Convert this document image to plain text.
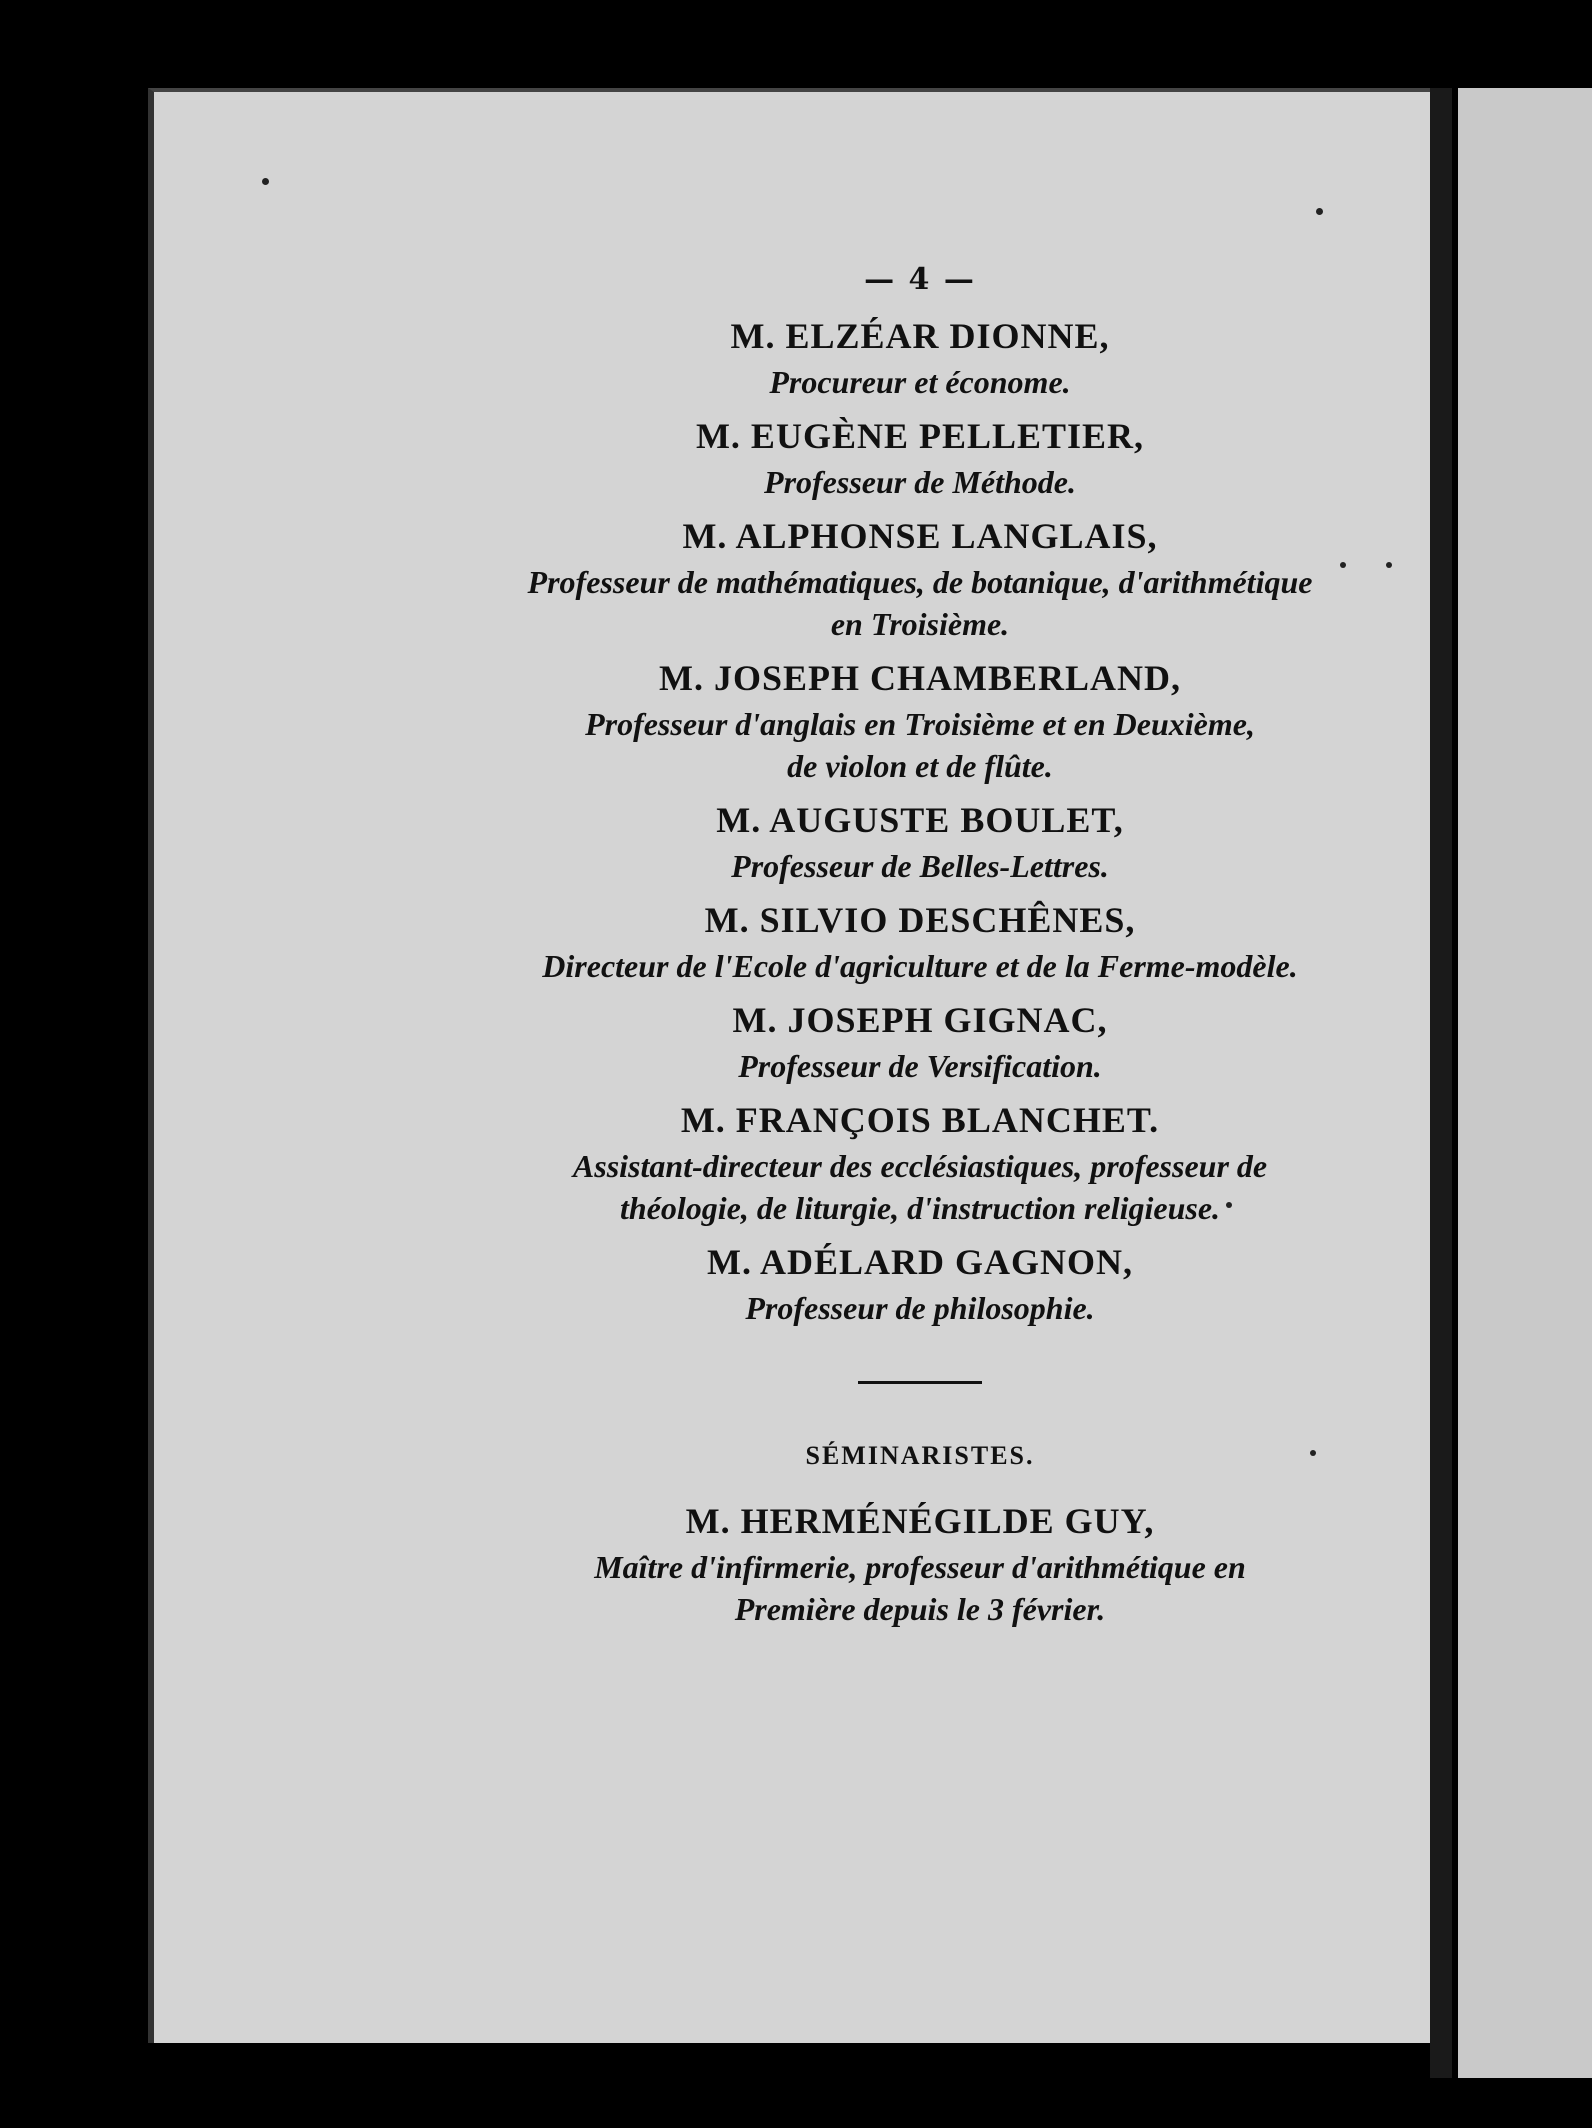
— 4 —
M. ELZÉAR DIONNE,
Procureur et économe.
M. EUGÈNE PELLETIER,
Professeur de Méthode.
M. ALPHONSE LANGLAIS,
Professeur de mathématiques, de botanique, d'arithmétique
en Troisième.
M. JOSEPH CHAMBERLAND,
Professeur d'anglais en Troisième et en Deuxième,
de violon et de flûte.
M. AUGUSTE BOULET,
Professeur de Belles-Lettres.
M. SILVIO DESCHÊNES,
Directeur de l'Ecole d'agriculture et de la Ferme-modèle.
M. JOSEPH GIGNAC,
Professeur de Versification.
M. FRANÇOIS BLANCHET.
Assistant-directeur des ecclésiastiques, professeur de
théologie, de liturgie, d'instruction religieuse.
M. ADÉLARD GAGNON,
Professeur de philosophie.
SÉMINARISTES.
M. HERMÉNÉGILDE GUY,
Maître d'infirmerie, professeur d'arithmétique en
Première depuis le 3 février.
